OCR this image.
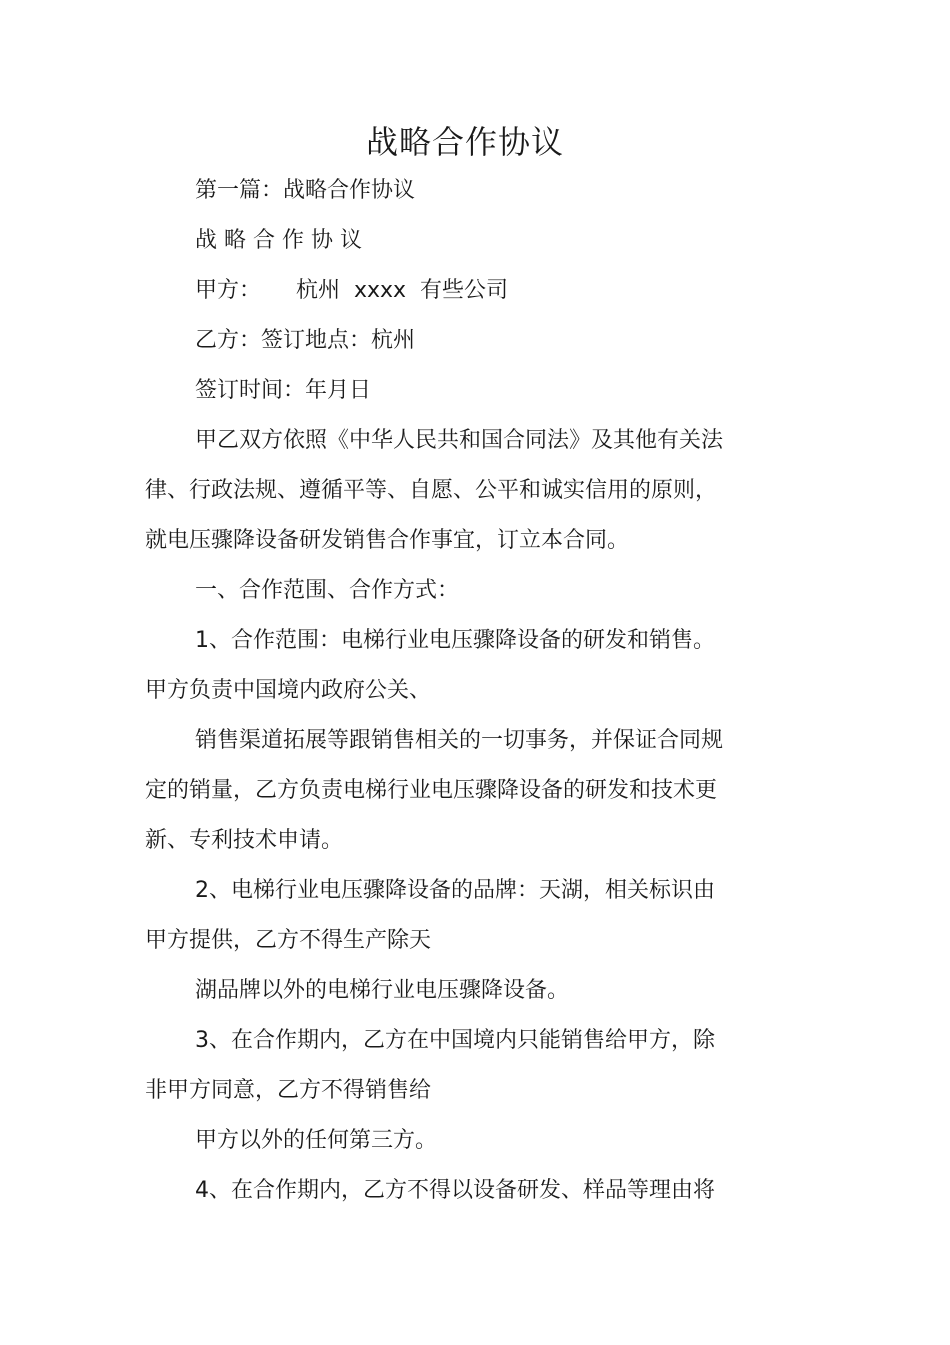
战略合作协议
第一篇：战略合作协议
战 略 合 作 协 议
甲方：     杭州  xxxx  有些公司
乙方：签订地点：杭州
签订时间：年月日
甲乙双方依照《中华人民共和国合同法》及其他有关法
律、行政法规、遵循平等、自愿、公平和诚实信用的原则，
就电压骤降设备研发销售合作事宜，订立本合同。
一、合作范围、合作方式：
1、合作范围：电梯行业电压骤降设备的研发和销售。
甲方负责中国境内政府公关、
销售渠道拓展等跟销售相关的一切事务，并保证合同规
定的销量，乙方负责电梯行业电压骤降设备的研发和技术更
新、专利技术申请。
2、电梯行业电压骤降设备的品牌：天湖，相关标识由
甲方提供，乙方不得生产除天
湖品牌以外的电梯行业电压骤降设备。
3、在合作期内，乙方在中国境内只能销售给甲方，除
非甲方同意，乙方不得销售给
甲方以外的任何第三方。
4、在合作期内，乙方不得以设备研发、样品等理由将
